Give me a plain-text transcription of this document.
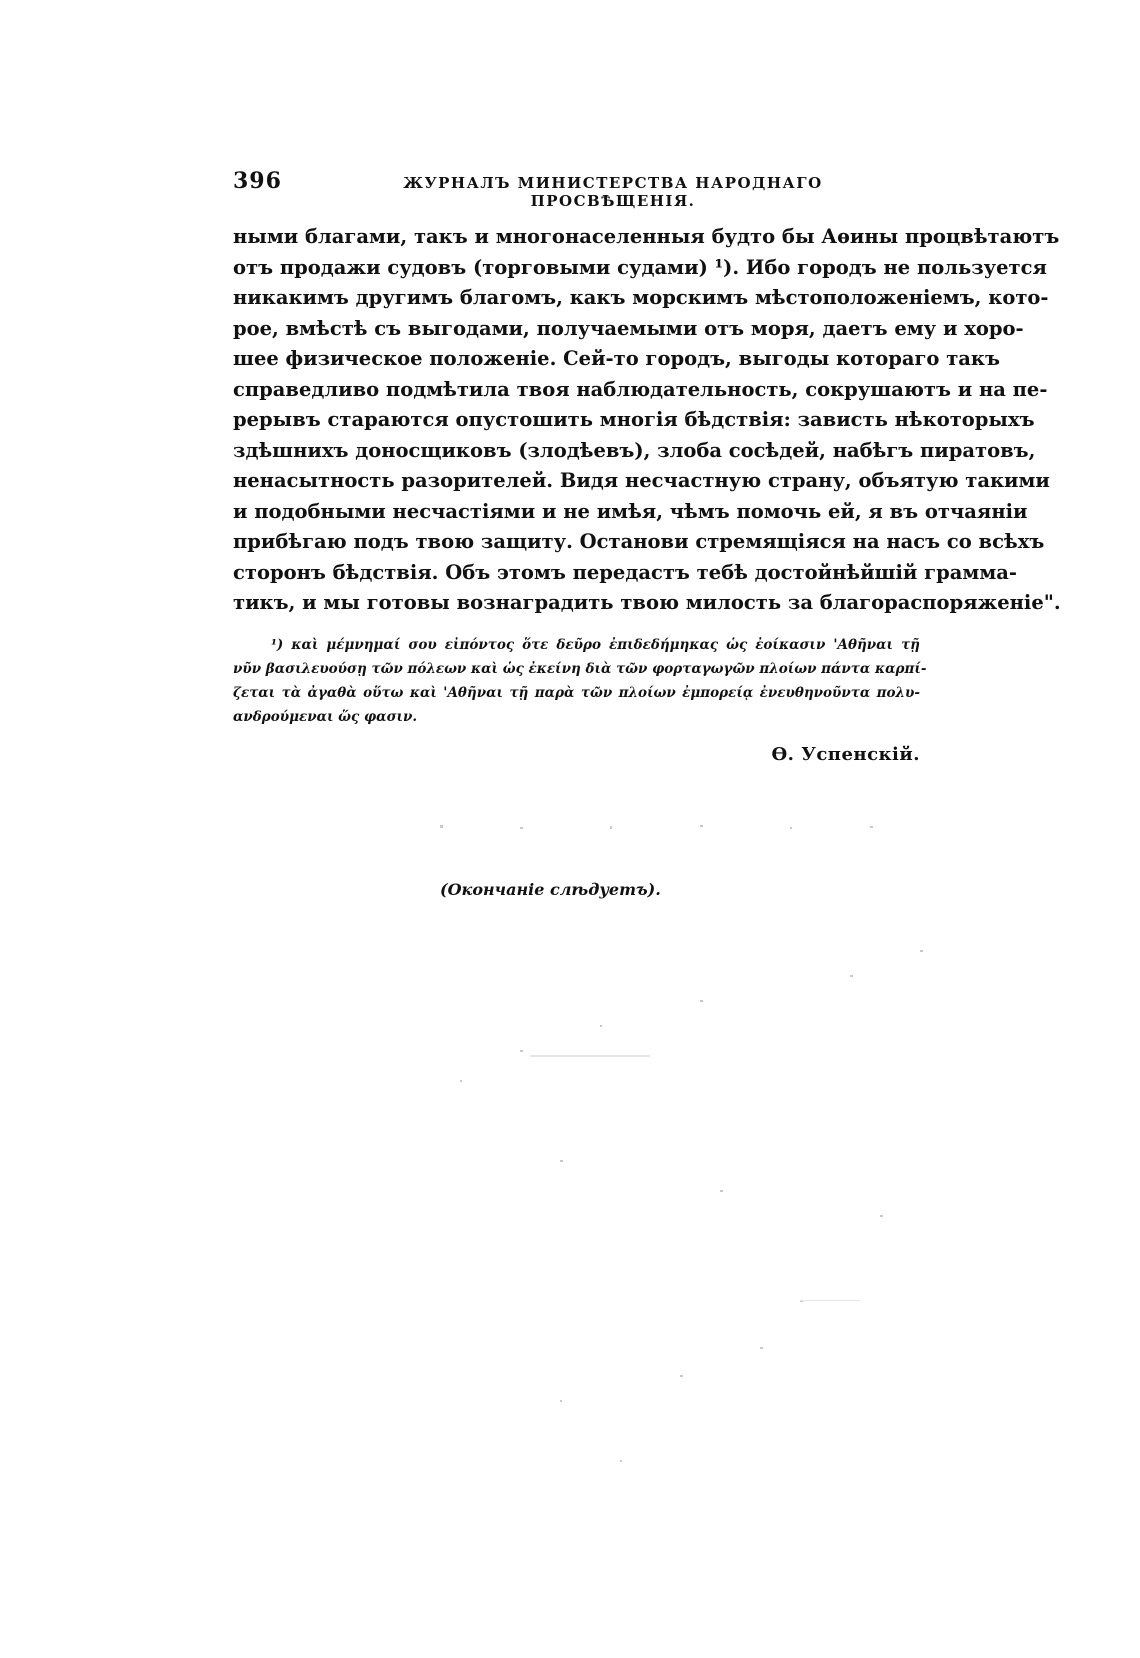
396	ЖУРНАЛЪ МИНИСТЕРСТВА НАРОДНАГО ПРОСВѢЩЕНІЯ.
ными благами, такъ и многонаселенныя будто бы Аѳины процвѣтаютъ
отъ продажи судовъ (торговыми судами) ¹). Ибо городъ не пользуется
никакимъ другимъ благомъ, какъ морскимъ мѣстоположеніемъ, кото-
рое, вмѣстѣ съ выгодами, получаемыми отъ моря, даетъ ему и хоро-
шее физическое положеніе. Сей-то городъ, выгоды котораго такъ
справедливо подмѣтила твоя наблюдательность, сокрушаютъ и на пе-
рерывъ стараются опустошить многія бѣдствія: зависть нѣкоторыхъ
здѣшнихъ доносщиковъ (злодѣевъ), злоба сосѣдей, набѣгъ пиратовъ,
ненасытность разорителей. Видя несчастную страну, объятую такими
и подобными несчастіями и не имѣя, чѣмъ помочь ей, я въ отчаяніи
прибѣгаю подъ твою защиту. Останови стремящіяся на насъ со всѣхъ
сторонъ бѣдствія. Объ этомъ передастъ тебѣ достойнѣйшій грамма-
тикъ, и мы готовы вознаградить твою милость за благораспоряженіе".
¹) καὶ μέμνημαί σου εἰπόντος ὅτε δεῦρο ἐπιδεδήμηκας ὡς ἐοίκασιν 'Αθῆναι τῇ
νῦν βασιλευούσῃ τῶν πόλεων καὶ ὡς ἐκείνη διὰ τῶν φορταγωγῶν πλοίων πάντα καρπί-
ζεται τὰ ἀγαθὰ οὕτω καὶ 'Αθῆναι τῇ παρὰ τῶν πλοίων ἐμπορείᾳ ἐνευθηνοῦντα πολυ-
ανδρούμεναι ὥς φασιν.
Ѳ. Успенскій.
(Окончаніе слѣдуетъ).
